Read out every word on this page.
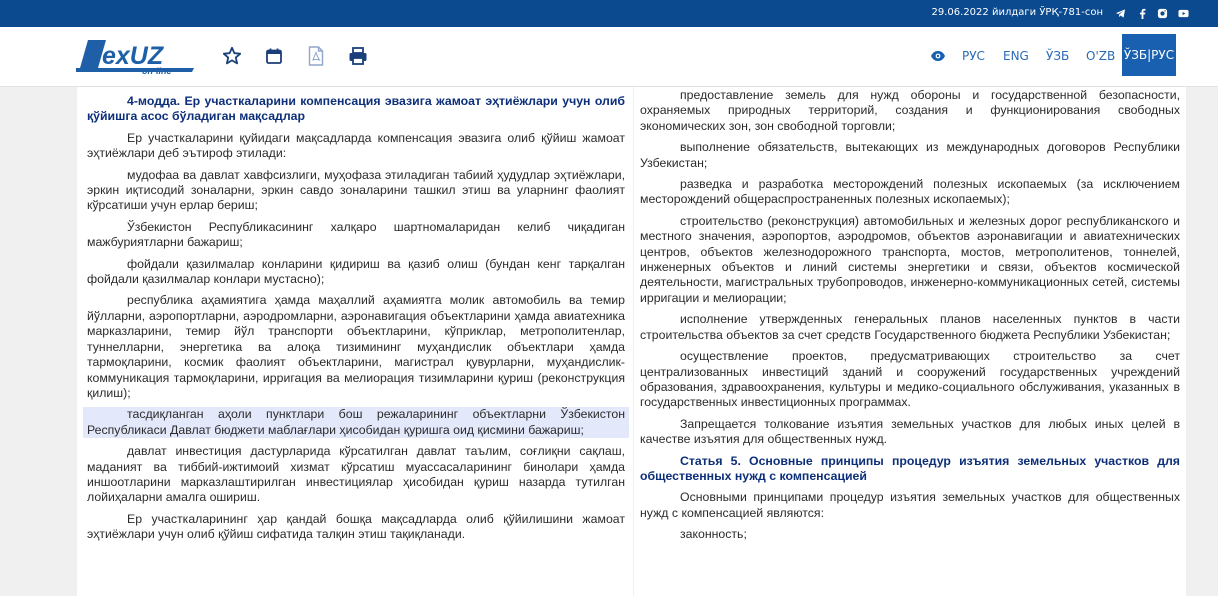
29.06.2022 йилдаги ЎРҚ-781-сон
exUZ
on-line
РУС ENG ЎЗБ O'ZB ЎЗБ|РУС
4-модда. Ер участкаларини компенсация эвазига жамоат эҳтиёжлари учун олиб қўйишга асос бўладиган мақсадлар

Ер участкаларини қуйидаги мақсадларда компенсация эвазига олиб қўйиш жамоат эҳтиёжлари деб эътироф этилади:

мудофаа ва давлат хавфсизлиги, муҳофаза этиладиган табиий ҳудудлар эҳтиёжлари, эркин иқтисодий зоналарни, эркин савдо зоналарини ташкил этиш ва уларнинг фаолият кўрсатиши учун ерлар бериш;

Ўзбекистон Республикасининг халқаро шартномаларидан келиб чиқадиган мажбуриятларни бажариш;

фойдали қазилмалар конларини қидириш ва қазиб олиш (бундан кенг тарқалган фойдали қазилмалар конлари мустасно);

республика аҳамиятига ҳамда маҳаллий аҳамиятга молик автомобиль ва темир йўлларни, аэропортларни, аэродромларни, аэронавигация объектларини ҳамда авиатехника марказларини, темир йўл транспорти объектларини, кўприклар, метрополитенлар, туннелларни, энергетика ва алоқа тизимининг муҳандислик объектлари ҳамда тармоқларини, космик фаолият объектларини, магистрал қувурларни, муҳандислик-коммуникация тармоқларини, ирригация ва мелиорация тизимларини қуриш (реконструкция қилиш);

тасдиқланган аҳоли пунктлари бош режаларининг объектларни Ўзбекистон Республикаси Давлат бюджети маблағлари ҳисобидан қуришга оид қисмини бажариш;

давлат инвестиция дастурларида кўрсатилган давлат таълим, соғлиқни сақлаш, маданият ва тиббий-ижтимоий хизмат кўрсатиш муассасаларининг бинолари ҳамда иншоотларини марказлаштирилган инвестициялар ҳисобидан қуриш назарда тутилган лойиҳаларни амалга ошириш.

Ер участкаларининг ҳар қандай бошқа мақсадларда олиб қўйилишини жамоат эҳтиёжлари учун олиб қўйиш сифатида талқин этиш тақиқланади.

предоставление земель для нужд обороны и государственной безопасности, охраняемых природных территорий, создания и функционирования свободных экономических зон, зон свободной торговли;

выполнение обязательств, вытекающих из международных договоров Республики Узбекистан;

разведка и разработка месторождений полезных ископаемых (за исключением месторождений общераспространенных полезных ископаемых);

строительство (реконструкция) автомобильных и железных дорог республиканского и местного значения, аэропортов, аэродромов, объектов аэронавигации и авиатехнических центров, объектов железнодорожного транспорта, мостов, метрополитенов, тоннелей, инженерных объектов и линий системы энергетики и связи, объектов космической деятельности, магистральных трубопроводов, инженерно-коммуникационных сетей, системы ирригации и мелиорации;

исполнение утвержденных генеральных планов населенных пунктов в части строительства объектов за счет средств Государственного бюджета Республики Узбекистан;

осуществление проектов, предусматривающих строительство за счет централизованных инвестиций зданий и сооружений государственных учреждений образования, здравоохранения, культуры и медико-социального обслуживания, указанных в государственных инвестиционных программах.

Запрещается толкование изъятия земельных участков для любых иных целей в качестве изъятия для общественных нужд.

Статья 5. Основные принципы процедур изъятия земельных участков для общественных нужд с компенсацией

Основными принципами процедур изъятия земельных участков для общественных нужд с компенсацией являются:

законность;
